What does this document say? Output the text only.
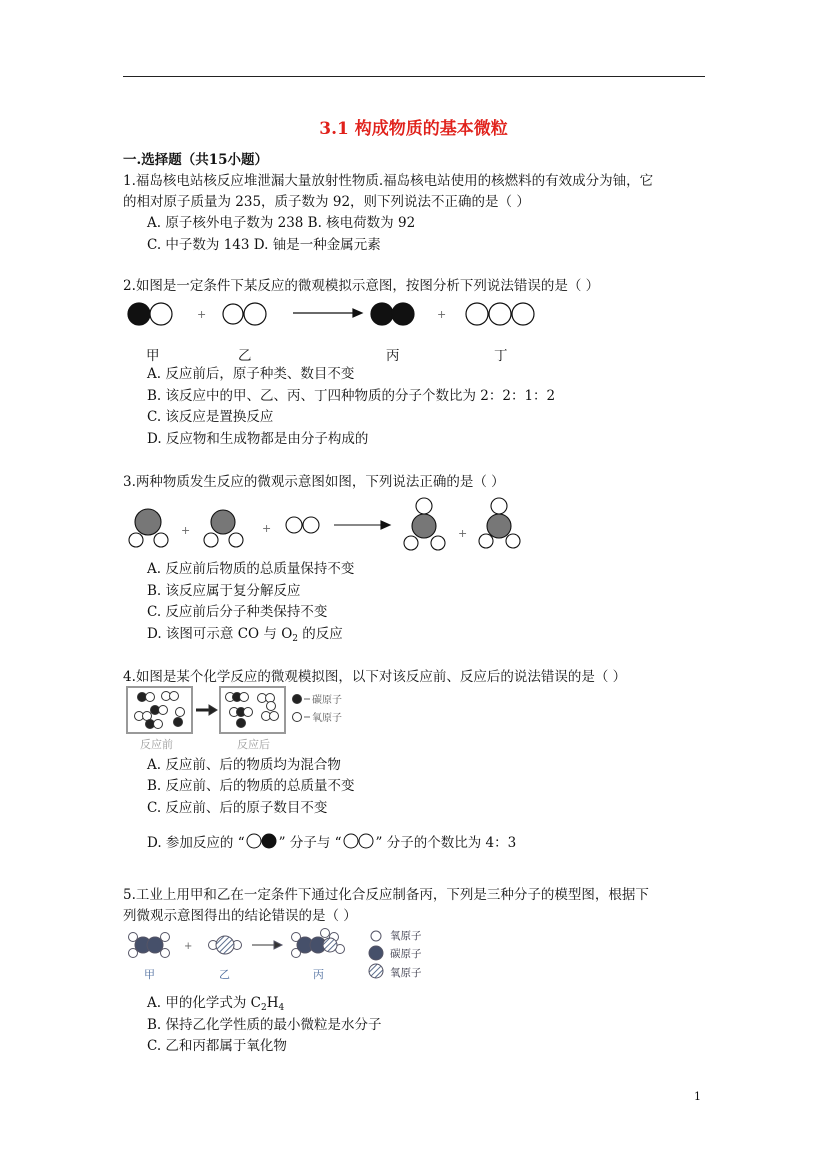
3.1 构成物质的基本微粒
一.选择题（共15小题）
1.福岛核电站核反应堆泄漏大量放射性物质.福岛核电站使用的核燃料的有效成分为铀，它
的相对原子质量为 235，质子数为 92，则下列说法不正确的是（ ）
A. 原子核外电子数为 238 B. 核电荷数为 92
C. 中子数为 143 D. 铀是一种金属元素
2.如图是一定条件下某反应的微观模拟示意图，按图分析下列说法错误的是（ ）
+	+
甲	乙	丙	丁
A. 反应前后，原子种类、数目不变
B. 该反应中的甲、乙、丙、丁四种物质的分子个数比为 2：2：1：2
C. 该反应是置换反应
D. 反应物和生成物都是由分子构成的
3.两种物质发生反应的微观示意图如图，下列说法正确的是（ ）
+	+	+
A. 反应前后物质的总质量保持不变
B. 该反应属于复分解反应
C. 反应前后分子种类保持不变
D. 该图可示意 CO 与 $O_2$ 的反应
4.如图是某个化学反应的微观模拟图，以下对该反应前、反应后的说法错误的是（ ）
碳原子
氧原子
反应前	反应后
A. 反应前、后的物质均为混合物
B. 反应前、后的物质的总质量不变
C. 反应前、后的原子数目不变
D. 参加反应的 “	” 分子与 “	” 分子的个数比为 4：3
5.工业上用甲和乙在一定条件下通过化合反应制备丙，下列是三种分子的模型图，根据下
列微观示意图得出的结论错误的是（ ）
+
氧原子
碳原子
氧原子
甲	乙	丙
A. 甲的化学式为 $C_2H_4$
B. 保持乙化学性质的最小微粒是水分子
C. 乙和丙都属于氧化物
1
